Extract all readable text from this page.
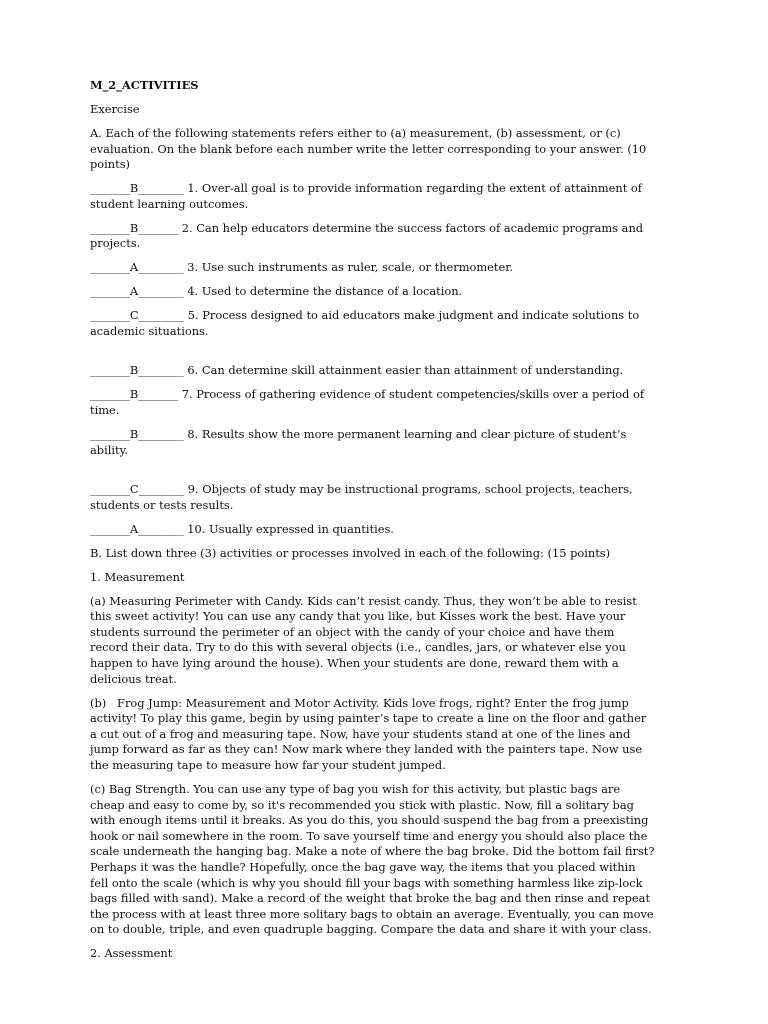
M_2_ACTIVITIES

Exercise

A. Each of the following statements refers either to (a) measurement, (b) assessment, or (c) evaluation. On the blank before each number write the letter corresponding to your answer. (10 points)

_______B________ 1. Over-all goal is to provide information regarding the extent of attainment of student learning outcomes.

_______B_______ 2. Can help educators determine the success factors of academic programs and projects.

_______A________ 3. Use such instruments as ruler, scale, or thermometer.

_______A________ 4. Used to determine the distance of a location.

_______C________ 5. Process designed to aid educators make judgment and indicate solutions to academic situations.

_______B________ 6. Can determine skill attainment easier than attainment of understanding.

_______B_______ 7. Process of gathering evidence of student competencies/skills over a period of time.

_______B________ 8. Results show the more permanent learning and clear picture of student’s ability.

_______C________ 9. Objects of study may be instructional programs, school projects, teachers, students or tests results.

_______A________ 10. Usually expressed in quantities.

B. List down three (3) activities or processes involved in each of the following: (15 points)

1. Measurement

(a) Measuring Perimeter with Candy. Kids can’t resist candy. Thus, they won’t be able to resist this sweet activity! You can use any candy that you like, but Kisses work the best. Have your students surround the perimeter of an object with the candy of your choice and have them record their data. Try to do this with several objects (i.e., candles, jars, or whatever else you happen to have lying around the house). When your students are done, reward them with a delicious treat.

(b)   Frog Jump: Measurement and Motor Activity. Kids love frogs, right? Enter the frog jump activity! To play this game, begin by using painter’s tape to create a line on the floor and gather a cut out of a frog and measuring tape. Now, have your students stand at one of the lines and jump forward as far as they can! Now mark where they landed with the painters tape. Now use the measuring tape to measure how far your student jumped.

(c) Bag Strength. You can use any type of bag you wish for this activity, but plastic bags are cheap and easy to come by, so it's recommended you stick with plastic. Now, fill a solitary bag with enough items until it breaks. As you do this, you should suspend the bag from a preexisting hook or nail somewhere in the room. To save yourself time and energy you should also place the scale underneath the hanging bag. Make a note of where the bag broke. Did the bottom fail first? Perhaps it was the handle? Hopefully, once the bag gave way, the items that you placed within fell onto the scale (which is why you should fill your bags with something harmless like zip-lock bags filled with sand). Make a record of the weight that broke the bag and then rinse and repeat the process with at least three more solitary bags to obtain an average. Eventually, you can move on to double, triple, and even quadruple bagging. Compare the data and share it with your class.

2. Assessment
